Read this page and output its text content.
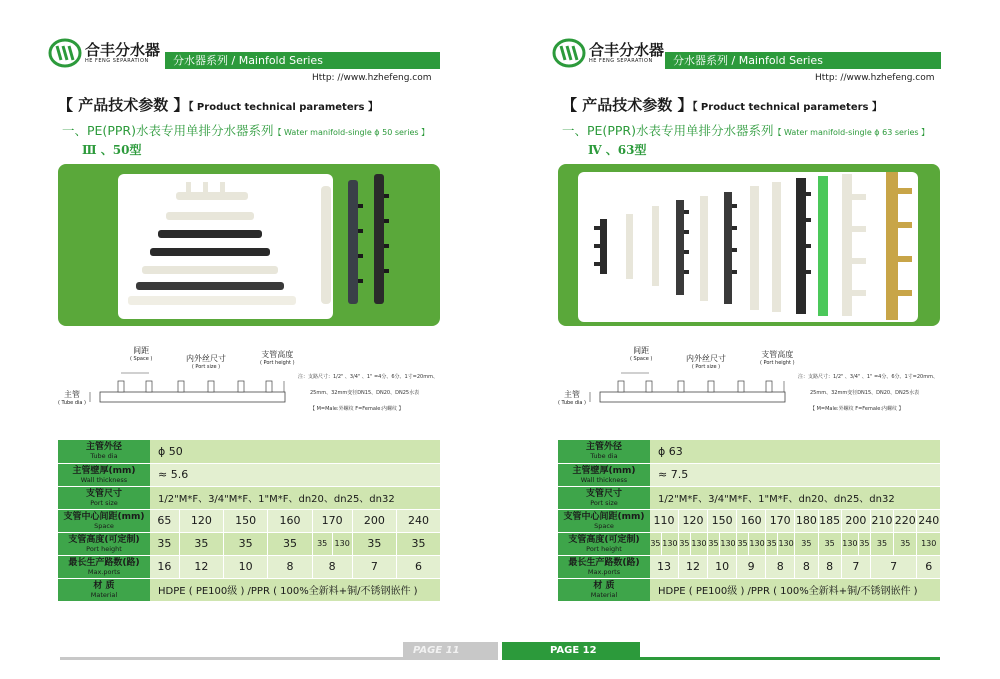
合丰分水器
HE FENG SEPARATION	分水器系列 / Mainfold Series
Http: //www.hzhefeng.com
【 产品技术参数 】【 Product technical parameters 】
一、PE(PPR)水表专用单排分水器系列【 Water manifold-single ϕ 50 series 】
Ⅲ 、50型
间距
( Space )	内外丝尺寸
( Port size )
支管高度
( Port height )
主管
( Tube dia )
注：支路尺寸：1/2" 、3/4" 、1" =4分、6分、1寸=20mm、
25mm、32mm变径DN15、DN20、DN25水表
【 M=Male:外螺纹 F=Female:内螺纹 】
主管外径
Tube dia	ϕ 50							

主管壁厚(mm)
Wall thickness	≈ 5.6							

支管尺寸
Port size	1/2"M*F、3/4"M*F、1"M*F、dn20、dn25、dn32							

支管中心间距(mm)
Space	65	120	150	160	170		200	240

支管高度(可定制)
Port height	35	35	35	35	35	130	35	35

最长生产路数(路)
Max.ports	16	12	10	8	8		7	6

材 质
Material	HDPE ( PE100级 ) /PPR ( 100%全新料+铜/不锈钢嵌件 )							
合丰分水器
HE FENG SEPARATION	分水器系列 / Mainfold Series
Http: //www.hzhefeng.com
【 产品技术参数 】【 Product technical parameters 】
一、PE(PPR)水表专用单排分水器系列【 Water manifold-single ϕ 63 series 】
Ⅳ 、63型
间距
( Space )	内外丝尺寸
( Port size )
支管高度
( Port height )
主管
( Tube dia )
注：支路尺寸：1/2" 、3/4" 、1" =4分、6分、1寸=20mm、
25mm、32mm变径DN15、DN20、DN25水表
【 M=Male:外螺纹 F=Female:内螺纹 】
主管外径
Tube dia	ϕ 63																

主管壁厚(mm)
Wall thickness	≈ 7.5																

支管尺寸
Port size	1/2"M*F、3/4"M*F、1"M*F、dn20、dn25、dn32																

支管中心间距(mm)
Space	110		120		150		160		170		180	185	200		210	220	240

支管高度(可定制)
Port height	35	130	35	130	35	130	35	130	35	130	35	35	130	35	35	35	130

最长生产路数(路)
Max.ports	13		12		10		9		8		8	8	7		7		6

材 质
Material	HDPE ( PE100级 ) /PPR ( 100%全新料+铜/不锈钢嵌件 )																
PAGE 11	PAGE 12
